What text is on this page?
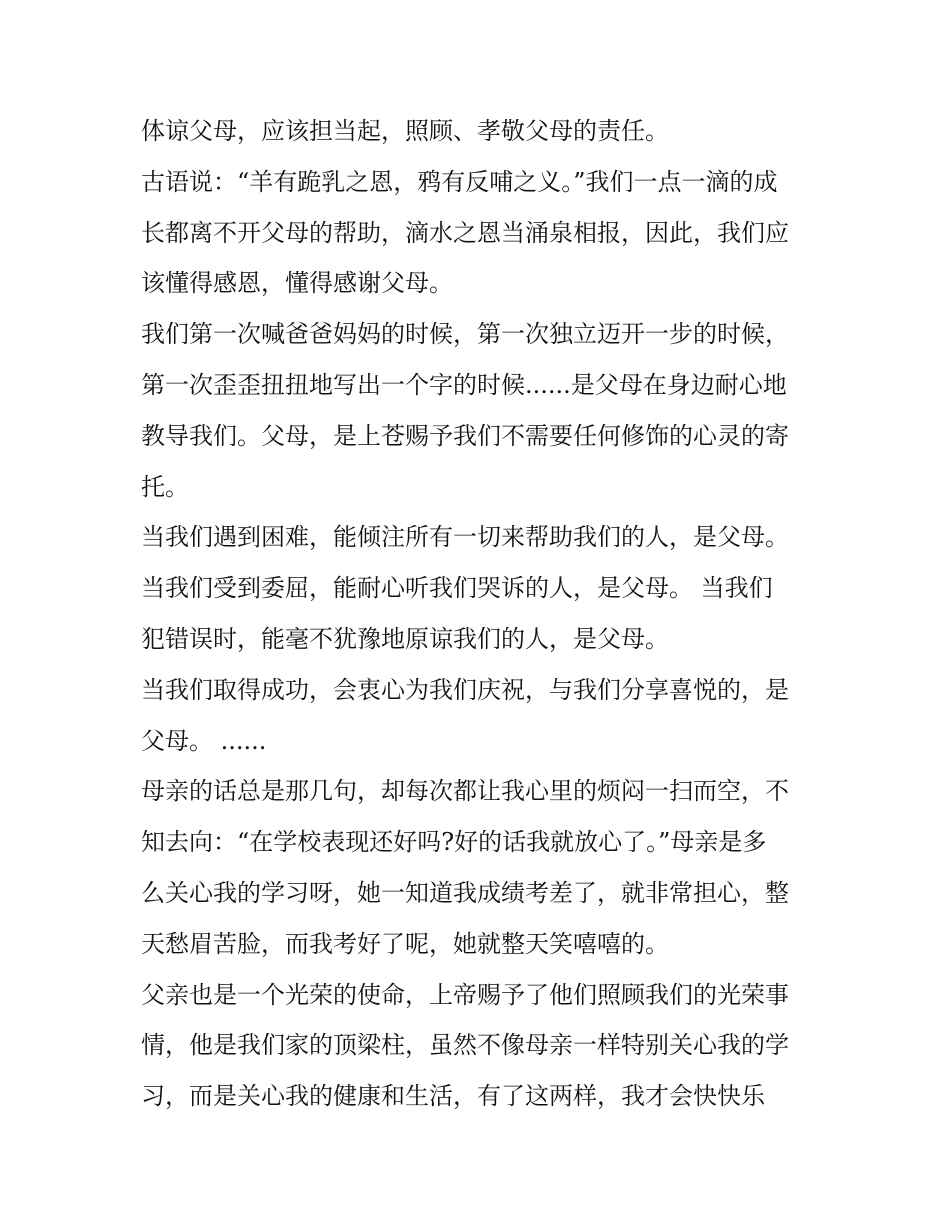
体谅父母，应该担当起，照顾、孝敬父母的责任。
古语说：“羊有跪乳之恩，鸦有反哺之义。”我们一点一滴的成
长都离不开父母的帮助，滴水之恩当涌泉相报，因此，我们应
该懂得感恩，懂得感谢父母。
我们第一次喊爸爸妈妈的时候，第一次独立迈开一步的时候，
第一次歪歪扭扭地写出一个字的时候......是父母在身边耐心地
教导我们。父母，是上苍赐予我们不需要任何修饰的心灵的寄
托。
当我们遇到困难，能倾注所有一切来帮助我们的人，是父母。
当我们受到委屈，能耐心听我们哭诉的人，是父母。 当我们
犯错误时，能毫不犹豫地原谅我们的人，是父母。
当我们取得成功，会衷心为我们庆祝，与我们分享喜悦的，是
父母。 ......
母亲的话总是那几句，却每次都让我心里的烦闷一扫而空，不
知去向：“在学校表现还好吗?好的话我就放心了。”母亲是多
么关心我的学习呀，她一知道我成绩考差了，就非常担心，整
天愁眉苦脸，而我考好了呢，她就整天笑嘻嘻的。
父亲也是一个光荣的使命，上帝赐予了他们照顾我们的光荣事
情，他是我们家的顶梁柱，虽然不像母亲一样特别关心我的学
习，而是关心我的健康和生活，有了这两样，我才会快快乐
